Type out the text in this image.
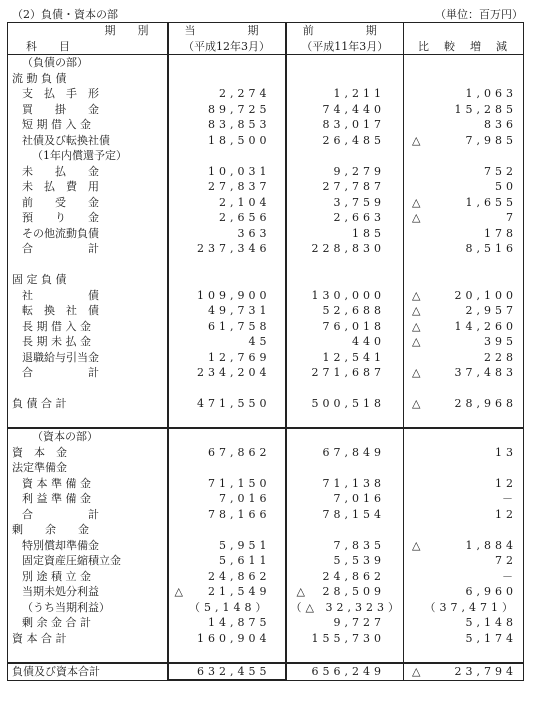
（2）負債・資本の部	（単位：百万円）
期　　別	当　　期	前　　期	
科　　目	（平成12年3月）	（平成11年3月）	比　較　増　減
（負債の部）			
流 動 負 債			
支　払　手　形	2,274	1,211	1,063
買　　掛　　金	89,725	74,440	15,285
短 期 借 入 金	83,853	83,017	836
社債及び転換社債	18,500	26,485	△ 7,985
（1年内償還予定）			
未　　払　　金	10,031	9,279	752
未　払　費　用	27,837	27,787	50
前　　受　　金	2,104	3,759	△ 1,655
預　　り　　金	2,656	2,663	△ 7
その他流動負債	363	185	178
合　　　　　計	237,346	228,830	8,516

固 定 負 債			
社　　　　　債	109,900	130,000	△ 20,100
転　換　社　債	49,731	52,688	△ 2,957
長 期 借 入 金	61,758	76,018	△ 14,260
長 期 未 払 金	45	440	△ 395
退職給与引当金	12,769	12,541	228
合　　　　　計	234,204	271,687	△ 37,483

負 債 合 計	471,550	500,518	△ 28,968

（資本の部）			
資　本　金	67,862	67,849	13
法定準備金			
資 本 準 備 金	71,150	71,138	12
利 益 準 備 金	7,016	7,016	－
合　　　　　計	78,166	78,154	12
剰　　余　　金			
特別償却準備金	5,951	7,835	△ 1,884
固定資産圧縮積立金	5,611	5,539	72
別 途 積 立 金	24,862	24,862	－
当期未処分利益	△ 21,549	△ 28,509	6,960
（うち当期利益）	（5,148）	（△ 32,323）	（37,471）
剰 余 金 合 計	14,875	9,727	5,148
資 本 合 計	160,904	155,730	5,174

負債及び資本合計	632,455	656,249	△ 23,794
